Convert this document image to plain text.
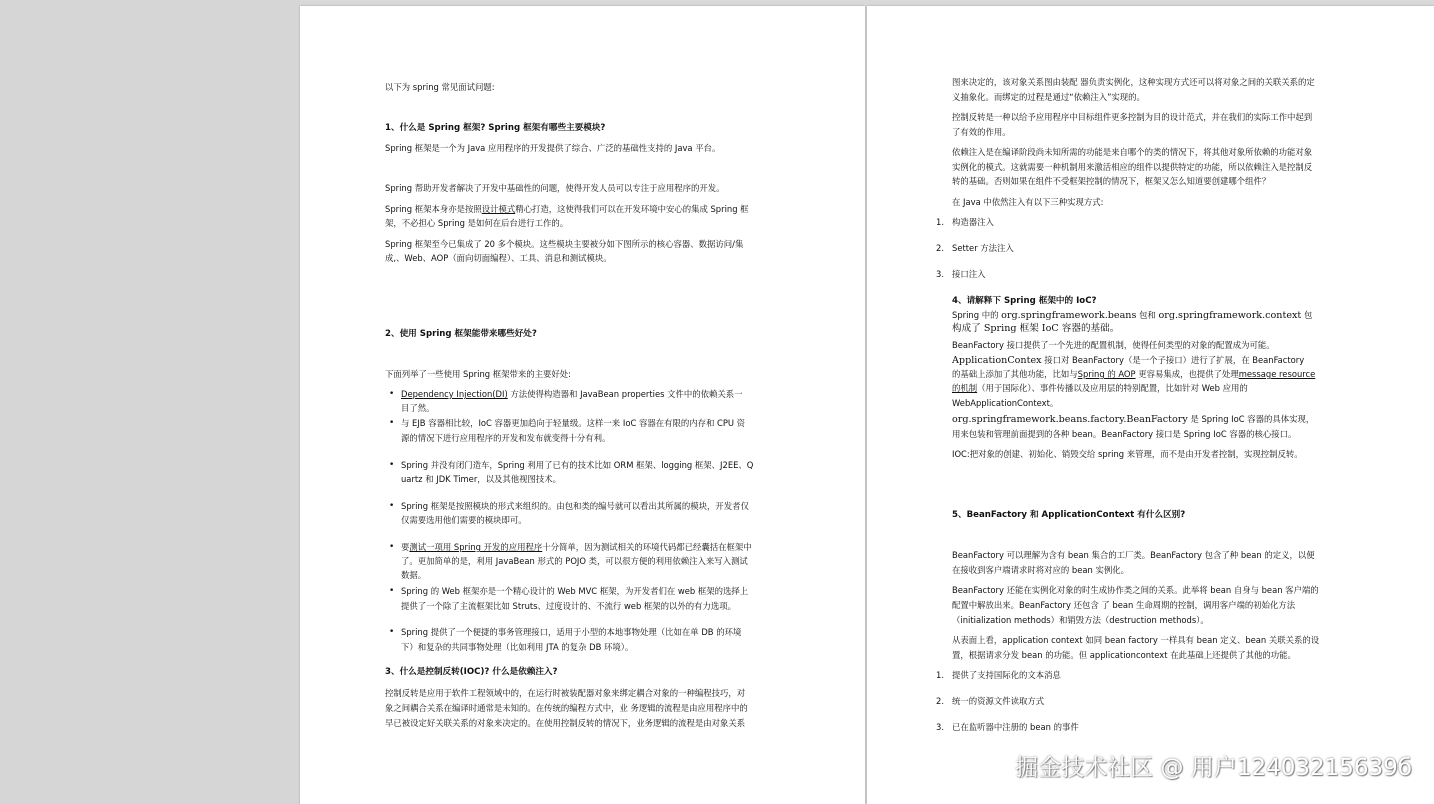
以下为 spring 常见面试问题:
1、什么是 Spring 框架? Spring 框架有哪些主要模块?
Spring 框架是一个为 Java 应用程序的开发提供了综合、广泛的基础性支持的 Java 平台。
Spring 帮助开发者解决了开发中基础性的问题，使得开发人员可以专注于应用程序的开发。
Spring 框架本身亦是按照设计模式精心打造，这使得我们可以在开发环境中安心的集成 Spring 框
架，不必担心 Spring 是如何在后台进行工作的。
Spring 框架至今已集成了 20 多个模块。这些模块主要被分如下图所示的核心容器、数据访问/集
成,、Web、AOP（面向切面编程）、工具、消息和测试模块。
2、使用 Spring 框架能带来哪些好处?
下面列举了一些使用 Spring 框架带来的主要好处:
• Dependency Injection(DI) 方法使得构造器和 JavaBean properties 文件中的依赖关系一
目了然。
• 与 EJB 容器相比较，IoC 容器更加趋向于轻量级。这样一来 IoC 容器在有限的内存和 CPU 资
源的情况下进行应用程序的开发和发布就变得十分有利。
• Spring 并没有闭门造车，Spring 利用了已有的技术比如 ORM 框架、logging 框架、J2EE、Q
uartz 和 JDK Timer，以及其他视图技术。
• Spring 框架是按照模块的形式来组织的。由包和类的编号就可以看出其所属的模块，开发者仅
仅需要选用他们需要的模块即可。
• 要测试一项用 Spring 开发的应用程序十分简单，因为测试相关的环境代码都已经囊括在框架中
了。更加简单的是，利用 JavaBean 形式的 POJO 类，可以很方便的利用依赖注入来写入测试
数据。
• Spring 的 Web 框架亦是一个精心设计的 Web MVC 框架，为开发者们在 web 框架的选择上
提供了一个除了主流框架比如 Struts、过度设计的、不流行 web 框架的以外的有力选项。
• Spring 提供了一个便捷的事务管理接口，适用于小型的本地事物处理（比如在单 DB 的环境
下）和复杂的共同事物处理（比如利用 JTA 的复杂 DB 环境）。
3、什么是控制反转(IOC)? 什么是依赖注入?
控制反转是应用于软件工程领域中的，在运行时被装配器对象来绑定耦合对象的一种编程技巧，对
象之间耦合关系在编译时通常是未知的。在传统的编程方式中，业 务逻辑的流程是由应用程序中的
早已被设定好关联关系的对象来决定的。在使用控制反转的情况下，业务逻辑的流程是由对象关系
图来决定的，该对象关系图由装配 器负责实例化，这种实现方式还可以将对象之间的关联关系的定
义抽象化。而绑定的过程是通过“依赖注入”实现的。
控制反转是一种以给予应用程序中目标组件更多控制为目的设计范式，并在我们的实际工作中起到
了有效的作用。
依赖注入是在编译阶段尚未知所需的功能是来自哪个的类的情况下，将其他对象所依赖的功能对象
实例化的模式。这就需要一种机制用来激活相应的组件以提供特定的功能，所以依赖注入是控制反
转的基础。否则如果在组件不受框架控制的情况下，框架又怎么知道要创建哪个组件？
在 Java 中依然注入有以下三种实现方式:
1. 构造器注入
2. Setter 方法注入
3. 接口注入
4、请解释下 Spring 框架中的 IoC?
Spring 中的 org.springframework.beans 包和 org.springframework.context 包
构成了 Spring 框架 IoC 容器的基础。
BeanFactory 接口提供了一个先进的配置机制，使得任何类型的对象的配置成为可能。
ApplicationContex 接口对 BeanFactory（是一个子接口）进行了扩展，在 BeanFactory
的基础上添加了其他功能，比如与Spring 的 AOP 更容易集成，也提供了处理message resource
的机制（用于国际化）、事件传播以及应用层的特别配置，比如针对 Web 应用的
WebApplicationContext。
org.springframework.beans.factory.BeanFactory 是 Spring IoC 容器的具体实现，
用来包装和管理前面提到的各种 bean。BeanFactory 接口是 Spring IoC 容器的核心接口。
IOC:把对象的创建、初始化、销毁交给 spring 来管理，而不是由开发者控制，实现控制反转。
5、BeanFactory 和 ApplicationContext 有什么区别?
BeanFactory 可以理解为含有 bean 集合的工厂类。BeanFactory 包含了种 bean 的定义，以便
在接收到客户端请求时将对应的 bean 实例化。
BeanFactory 还能在实例化对象的时生成协作类之间的关系。此举将 bean 自身与 bean 客户端的
配置中解放出来。BeanFactory 还包含 了 bean 生命周期的控制，调用客户端的初始化方法
（initialization methods）和销毁方法（destruction methods）。
从表面上看，application context 如同 bean factory 一样具有 bean 定义、bean 关联关系的设
置，根据请求分发 bean 的功能。但 applicationcontext 在此基础上还提供了其他的功能。
1. 提供了支持国际化的文本消息
2. 统一的资源文件读取方式
3. 已在监听器中注册的 bean 的事件
掘金技术社区 @ 用户12403215639б
